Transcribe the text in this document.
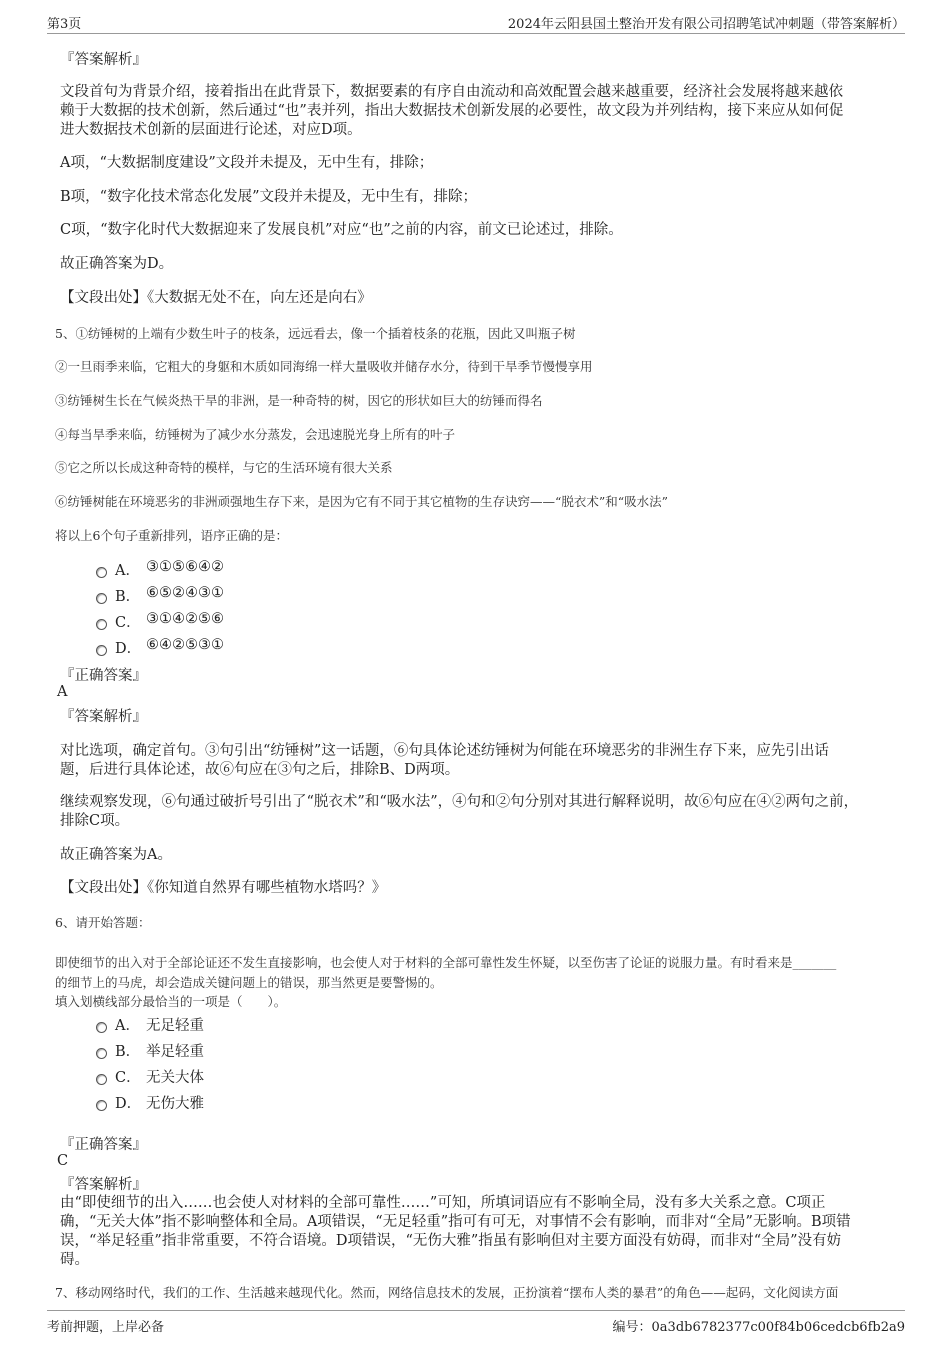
第3页	2024年云阳县国土整治开发有限公司招聘笔试冲刺题（带答案解析）
『答案解析』
文段首句为背景介绍，接着指出在此背景下，数据要素的有序自由流动和高效配置会越来越重要，经济社会发展将越来越依
赖于大数据的技术创新，然后通过“也”表并列，指出大数据技术创新发展的必要性，故文段为并列结构，接下来应从如何促
进大数据技术创新的层面进行论述，对应D项。
A项，“大数据制度建设”文段并未提及，无中生有，排除；
B项，“数字化技术常态化发展”文段并未提及，无中生有，排除；
C项，“数字化时代大数据迎来了发展良机”对应“也”之前的内容，前文已论述过，排除。
故正确答案为D。
【文段出处】《大数据无处不在，向左还是向右》
5、①纺锤树的上端有少数生叶子的枝条，远远看去，像一个插着枝条的花瓶，因此又叫瓶子树
②一旦雨季来临，它粗大的身躯和木质如同海绵一样大量吸收并储存水分，待到干旱季节慢慢享用
③纺锤树生长在气候炎热干旱的非洲，是一种奇特的树，因它的形状如巨大的纺锤而得名
④每当旱季来临，纺锤树为了减少水分蒸发，会迅速脱光身上所有的叶子
⑤它之所以长成这种奇特的模样，与它的生活环境有很大关系
⑥纺锤树能在环境恶劣的非洲顽强地生存下来，是因为它有不同于其它植物的生存诀窍——“脱衣术”和“吸水法”
将以上6个句子重新排列，语序正确的是：
A． ③①⑤⑥④②
B． ⑥⑤②④③①
C． ③①④②⑤⑥
D． ⑥④②⑤③①
『正确答案』
A
『答案解析』
对比选项，确定首句。③句引出“纺锤树”这一话题，⑥句具体论述纺锤树为何能在环境恶劣的非洲生存下来，应先引出话
题，后进行具体论述，故⑥句应在③句之后，排除B、D两项。
继续观察发现，⑥句通过破折号引出了“脱衣术”和“吸水法”，④句和②句分别对其进行解释说明，故⑥句应在④②两句之前，
排除C项。
故正确答案为A。
【文段出处】《你知道自然界有哪些植物水塔吗？》
6、请开始答题：
即使细节的出入对于全部论证还不发生直接影响，也会使人对于材料的全部可靠性发生怀疑，以至伤害了论证的说服力量。有时看来是_______
的细节上的马虎，却会造成关键问题上的错误，那当然更是要警惕的。
填入划横线部分最恰当的一项是（　　）。
A． 无足轻重
B． 举足轻重
C． 无关大体
D． 无伤大雅
『正确答案』
C
『答案解析』
由“即使细节的出入……也会使人对材料的全部可靠性……”可知，所填词语应有不影响全局，没有多大关系之意。C项正
确，“无关大体”指不影响整体和全局。A项错误，“无足轻重”指可有可无，对事情不会有影响，而非对“全局”无影响。B项错
误，“举足轻重”指非常重要，不符合语境。D项错误，“无伤大雅”指虽有影响但对主要方面没有妨碍，而非对“全局”没有妨
碍。
7、移动网络时代，我们的工作、生活越来越现代化。然而，网络信息技术的发展，正扮演着“摆布人类的暴君”的角色——起码，文化阅读方面
考前押题，上岸必备	编号：0a3db6782377c00f84b06cedcb6fb2a9
